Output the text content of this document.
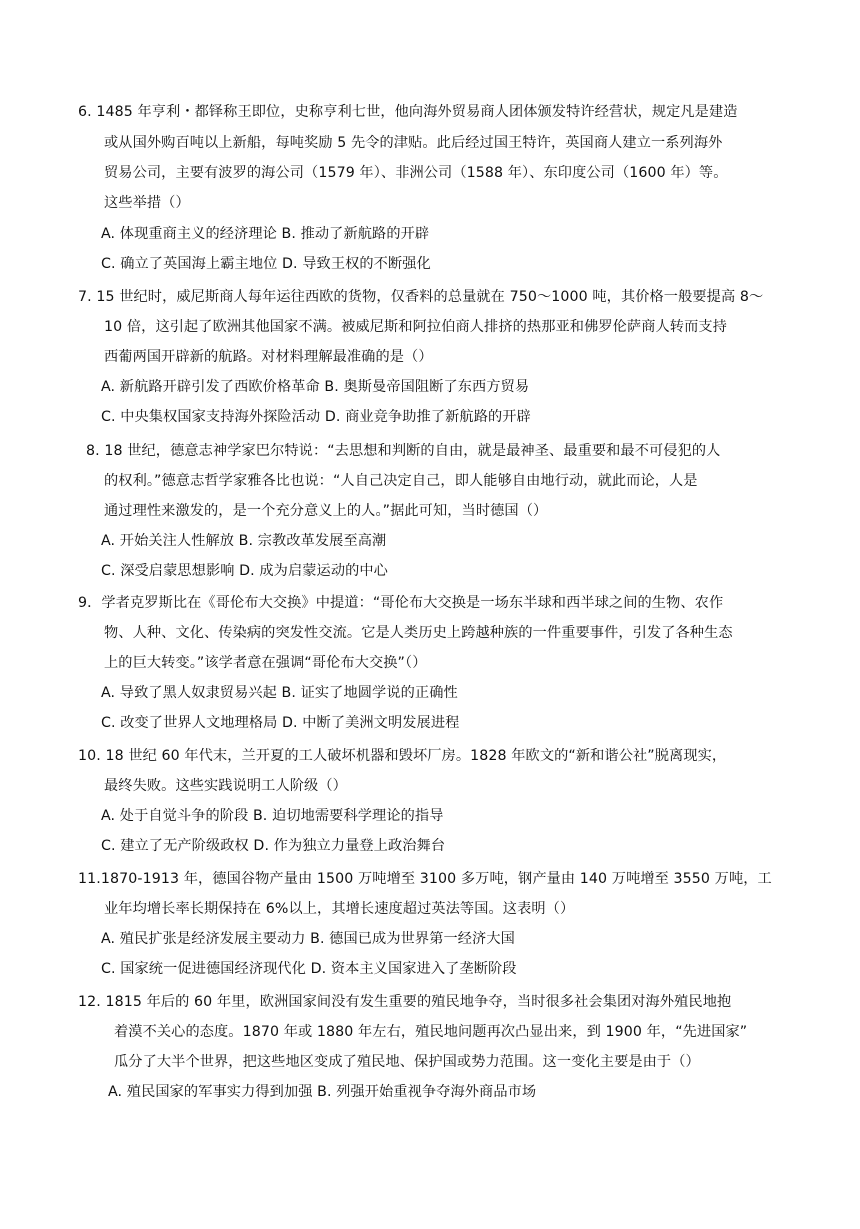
6. 1485 年亨利・都铎称王即位，史称亨利七世，他向海外贸易商人团体颁发特许经营状，规定凡是建造
或从国外购百吨以上新船，每吨奖励 5 先令的津贴。此后经过国王特许，英国商人建立一系列海外
贸易公司，主要有波罗的海公司（1579 年）、非洲公司（1588 年）、东印度公司（1600 年）等。
这些举措（）
A. 体现重商主义的经济理论 B. 推动了新航路的开辟
C. 确立了英国海上霸主地位 D. 导致王权的不断强化
7. 15 世纪时，威尼斯商人每年运往西欧的货物，仅香料的总量就在 750～1000 吨，其价格一般要提高 8～
10 倍，这引起了欧洲其他国家不满。被威尼斯和阿拉伯商人排挤的热那亚和佛罗伦萨商人转而支持
西葡两国开辟新的航路。对材料理解最准确的是（）
A. 新航路开辟引发了西欧价格革命 B. 奥斯曼帝国阻断了东西方贸易
C. 中央集权国家支持海外探险活动 D. 商业竞争助推了新航路的开辟
8. 18 世纪，德意志神学家巴尔特说：“去思想和判断的自由，就是最神圣、最重要和最不可侵犯的人
的权利。”德意志哲学家雅各比也说：“人自己决定自己，即人能够自由地行动，就此而论，人是
通过理性来激发的，是一个充分意义上的人。”据此可知，当时德国（）
A. 开始关注人性解放 B. 宗教改革发展至高潮
C. 深受启蒙思想影响 D. 成为启蒙运动的中心
9．学者克罗斯比在《哥伦布大交换》中提道：“哥伦布大交换是一场东半球和西半球之间的生物、农作
物、人种、文化、传染病的突发性交流。它是人类历史上跨越种族的一件重要事件，引发了各种生态
上的巨大转变。”该学者意在强调“哥伦布大交换”（）
A. 导致了黑人奴隶贸易兴起 B. 证实了地圆学说的正确性
C. 改变了世界人文地理格局 D. 中断了美洲文明发展进程
10. 18 世纪 60 年代末，兰开夏的工人破坏机器和毁坏厂房。1828 年欧文的“新和谐公社”脱离现实，
最终失败。这些实践说明工人阶级（）
A. 处于自觉斗争的阶段 B. 迫切地需要科学理论的指导
C. 建立了无产阶级政权 D. 作为独立力量登上政治舞台
11.1870-1913 年，德国谷物产量由 1500 万吨增至 3100 多万吨，钢产量由 140 万吨增至 3550 万吨，工
业年均增长率长期保持在 6%以上，其增长速度超过英法等国。这表明（）
A. 殖民扩张是经济发展主要动力 B. 德国已成为世界第一经济大国
C. 国家统一促进德国经济现代化 D. 资本主义国家进入了垄断阶段
12. 1815 年后的 60 年里，欧洲国家间没有发生重要的殖民地争夺，当时很多社会集团对海外殖民地抱
着漠不关心的态度。1870 年或 1880 年左右，殖民地问题再次凸显出来，到 1900 年，“先进国家”
瓜分了大半个世界，把这些地区变成了殖民地、保护国或势力范围。这一变化主要是由于（）
A. 殖民国家的军事实力得到加强 B. 列强开始重视争夺海外商品市场
